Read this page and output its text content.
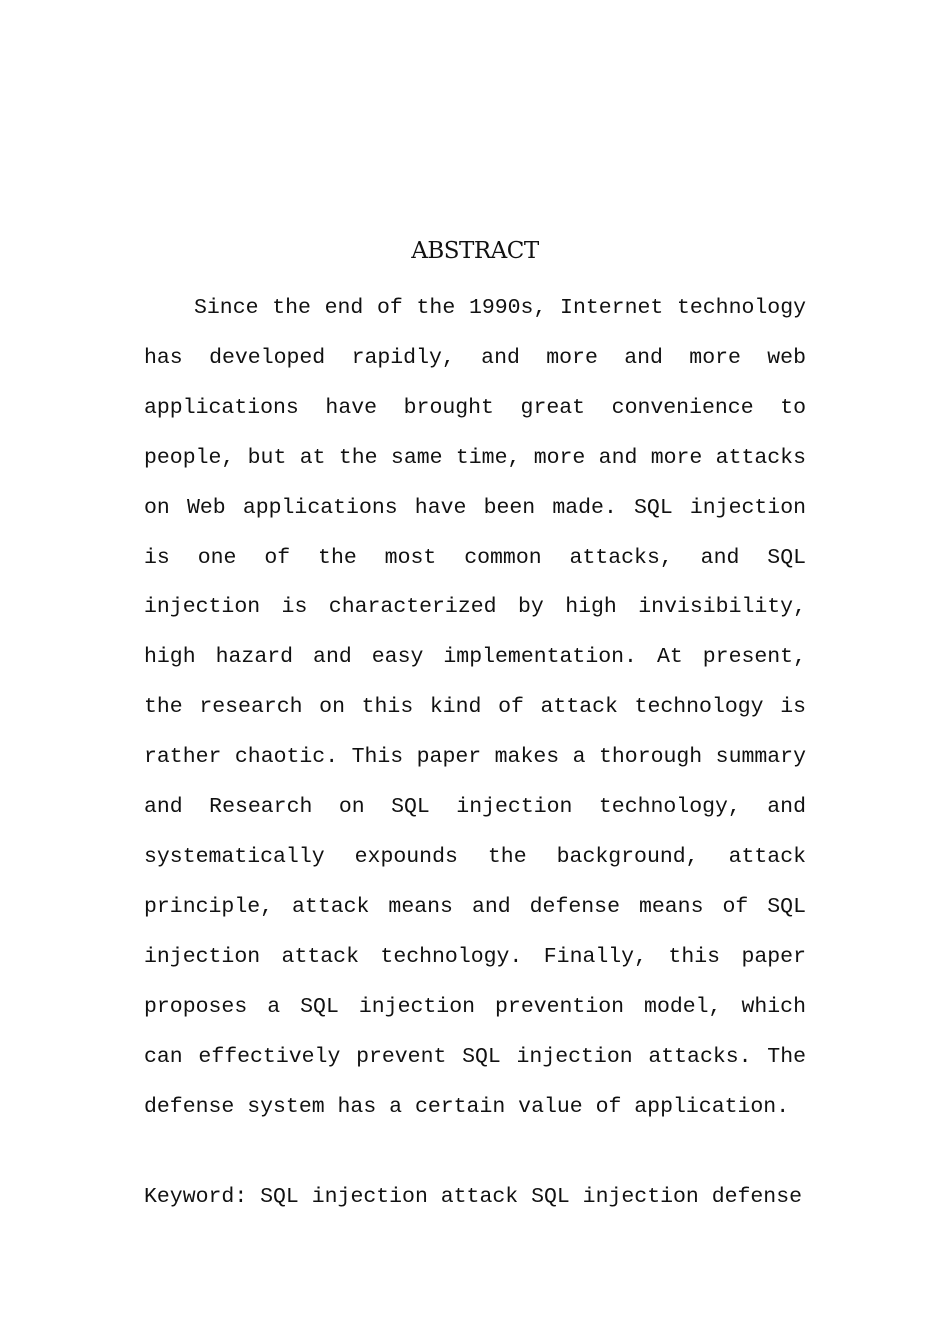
ABSTRACT

Since the end of the 1990s, Internet technology has developed rapidly, and more and more web applications have brought great convenience to people, but at the same time, more and more attacks on Web applications have been made. SQL injection is one of the most common attacks, and SQL injection is characterized by high invisibility, high hazard and easy implementation. At present, the research on this kind of attack technology is rather chaotic. This paper makes a thorough summary and Research on SQL injection technology, and systematically expounds the background, attack principle, attack means and defense means of SQL injection attack technology. Finally, this paper proposes a SQL injection prevention model, which can effectively prevent SQL injection attacks. The defense system has a certain value of application.

Keyword: SQL injection attack SQL injection defense
